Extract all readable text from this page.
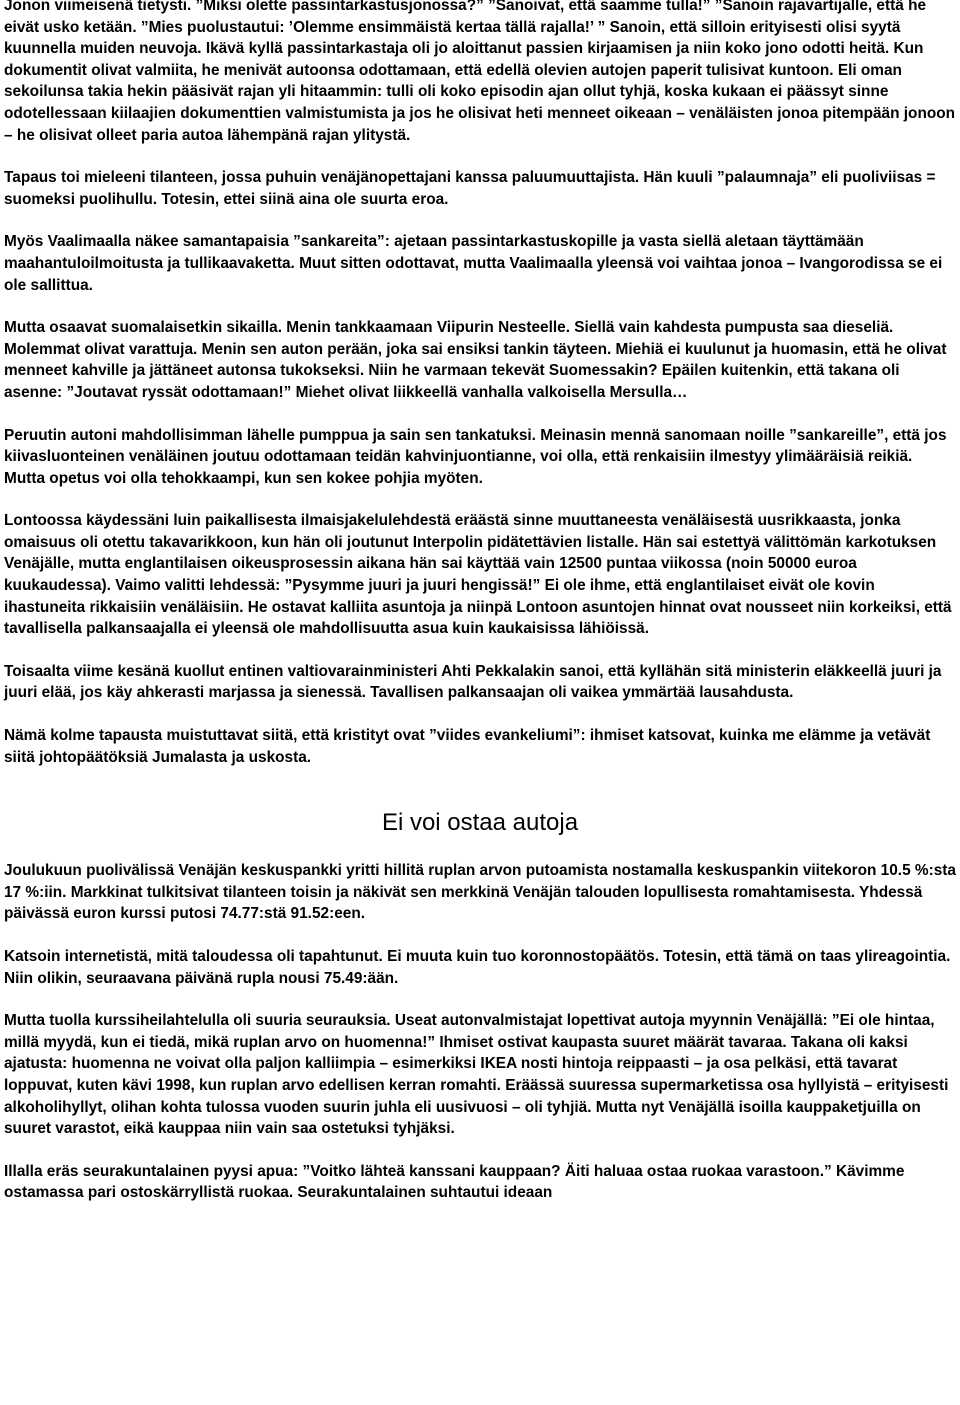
Jonon viimeisenä tietysti. ”Miksi olette passintarkastusjonossa?” ”Sanoivat, että saamme tulla!” ”Sanoin rajavartijalle, että he eivät usko ketään. ”Mies puolustautui: ’Olemme ensimmäistä kertaa tällä rajalla!’ ” Sanoin, että silloin erityisesti olisi syytä kuunnella muiden neuvoja. Ikävä kyllä passintarkastaja oli jo aloittanut passien kirjaamisen ja niin koko jono odotti heitä. Kun dokumentit olivat valmiita, he menivät autoonsa odottamaan, että edellä olevien autojen paperit tulisivat kuntoon. Eli oman sekoilunsa takia hekin pääsivät rajan yli hitaammin: tulli oli koko episodin ajan ollut tyhjä, koska kukaan ei päässyt sinne odotellessaan kiilaajien dokumenttien valmistumista ja jos he olisivat heti menneet oikeaan – venäläisten jonoa pitempään jonoon – he olisivat olleet paria autoa lähempänä rajan ylitystä.

Tapaus toi mieleeni tilanteen, jossa puhuin venäjänopettajani kanssa paluumuuttajista. Hän kuuli ”palaumnaja” eli puoliviisas = suomeksi puolihullu. Totesin, ettei siinä aina ole suurta eroa.

Myös Vaalimaalla näkee samantapaisia ”sankareita”: ajetaan passintarkastuskopille ja vasta siellä aletaan täyttämään maahantuloilmoitusta ja tullikaavaketta. Muut sitten odottavat, mutta Vaalimaalla yleensä voi vaihtaa jonoa – Ivangorodissa se ei ole sallittua.

Mutta osaavat suomalaisetkin sikailla. Menin tankkaamaan Viipurin Nesteelle. Siellä vain kahdesta pumpusta saa dieseliä. Molemmat olivat varattuja. Menin sen auton perään, joka sai ensiksi tankin täyteen. Miehiä ei kuulunut ja huomasin, että he olivat menneet kahville ja jättäneet autonsa tukokseksi. Niin he varmaan tekevät Suomessakin? Epäilen kuitenkin, että takana oli asenne: ”Joutavat ryssät odottamaan!” Miehet olivat liikkeellä vanhalla valkoisella Mersulla…

Peruutin autoni mahdollisimman lähelle pumppua ja sain sen tankatuksi. Meinasin mennä sanomaan noille ”sankareille”, että jos kiivasluonteinen venäläinen joutuu odottamaan teidän kahvinjuontianne, voi olla, että renkaisiin ilmestyy ylimääräisiä reikiä. Mutta opetus voi olla tehokkaampi, kun sen kokee pohjia myöten.

Lontoossa käydessäni luin paikallisesta ilmaisjakelulehdestä eräästä sinne muuttaneesta venäläisestä uusrikkaasta, jonka omaisuus oli otettu takavarikkoon, kun hän oli joutunut Interpolin pidätettävien listalle. Hän sai estettyä välittömän karkotuksen Venäjälle, mutta englantilaisen oikeusprosessin aikana hän sai käyttää vain 12500 puntaa viikossa (noin 50000 euroa kuukaudessa). Vaimo valitti lehdessä: ”Pysymme juuri ja juuri hengissä!” Ei ole ihme, että englantilaiset eivät ole kovin ihastuneita rikkaisiin venäläisiin. He ostavat kalliita asuntoja ja niinpä Lontoon asuntojen hinnat ovat nousseet niin korkeiksi, että tavallisella palkansaajalla ei yleensä ole mahdollisuutta asua kuin kaukaisissa lähiöissä.

Toisaalta viime kesänä kuollut entinen valtiovarainministeri Ahti Pekkalakin sanoi, että kyllähän sitä ministerin eläkkeellä juuri ja juuri elää, jos käy ahkerasti marjassa ja sienessä. Tavallisen palkansaajan oli vaikea ymmärtää lausahdusta.

Nämä kolme tapausta muistuttavat siitä, että kristityt ovat ”viides evankeliumi”: ihmiset katsovat, kuinka me elämme ja vetävät siitä johtopäätöksiä Jumalasta ja uskosta.

Ei voi ostaa autoja

Joulukuun puolivälissä Venäjän keskuspankki yritti hillitä ruplan arvon putoamista nostamalla keskuspankin viitekoron 10.5 %:sta 17 %:iin. Markkinat tulkitsivat tilanteen toisin ja näkivät sen merkkinä Venäjän talouden lopullisesta romahtamisesta. Yhdessä päivässä euron kurssi putosi 74.77:stä 91.52:een.

Katsoin internetistä, mitä taloudessa oli tapahtunut. Ei muuta kuin tuo koronnostopäätös. Totesin, että tämä on taas ylireagointia. Niin olikin, seuraavana päivänä rupla nousi 75.49:ään.

Mutta tuolla kurssiheilahtelulla oli suuria seurauksia. Useat autonvalmistajat lopettivat autoja myynnin Venäjällä: ”Ei ole hintaa, millä myydä, kun ei tiedä, mikä ruplan arvo on huomenna!” Ihmiset ostivat kaupasta suuret määrät tavaraa. Takana oli kaksi ajatusta: huomenna ne voivat olla paljon kalliimpia – esimerkiksi IKEA nosti hintoja reippaasti – ja osa pelkäsi, että tavarat loppuvat, kuten kävi 1998, kun ruplan arvo edellisen kerran romahti. Eräässä suuressa supermarketissa osa hyllyistä – erityisesti alkoholihyllyt, olihan kohta tulossa vuoden suurin juhla eli uusivuosi – oli tyhjiä. Mutta nyt Venäjällä isoilla kauppaketjuilla on suuret varastot, eikä kauppaa niin vain saa ostetuksi tyhjäksi.

Illalla eräs seurakuntalainen pyysi apua: ”Voitko lähteä kanssani kauppaan? Äiti haluaa ostaa ruokaa varastoon.” Kävimme ostamassa pari ostoskärryllistä ruokaa. Seurakuntalainen suhtautui ideaan
